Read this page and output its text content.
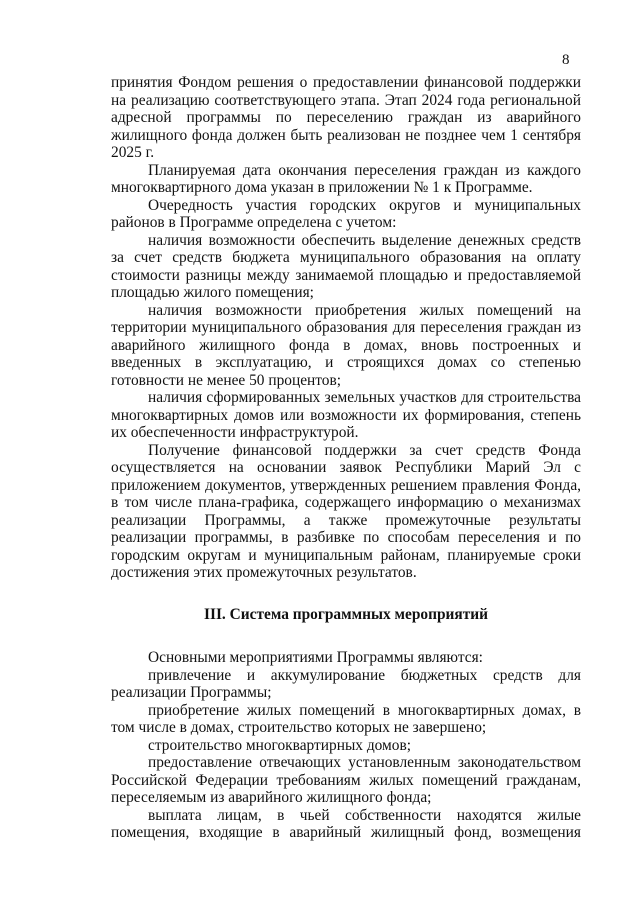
8

принятия Фондом решения о предоставлении финансовой поддержки на реализацию соответствующего этапа. Этап 2024 года региональной адресной программы по переселению граждан из аварийного жилищного фонда должен быть реализован не позднее чем 1 сентября 2025 г.

Планируемая дата окончания переселения граждан из каждого многоквартирного дома указан в приложении № 1 к Программе.

Очередность участия городских округов и муниципальных районов в Программе определена с учетом:

наличия возможности обеспечить выделение денежных средств за счет средств бюджета муниципального образования на оплату стоимости разницы между занимаемой площадью и предоставляемой площадью жилого помещения;

наличия возможности приобретения жилых помещений на территории муниципального образования для переселения граждан из аварийного жилищного фонда в домах, вновь построенных и введенных в эксплуатацию, и строящихся домах со степенью готовности не менее 50 процентов;

наличия сформированных земельных участков для строительства многоквартирных домов или возможности их формирования, степень их обеспеченности инфраструктурой.

Получение финансовой поддержки за счет средств Фонда осуществляется на основании заявок Республики Марий Эл с приложением документов, утвержденных решением правления Фонда, в том числе плана-графика, содержащего информацию о механизмах реализации Программы, а также промежуточные результаты реализации программы, в разбивке по способам переселения и по городским округам и муниципальным районам, планируемые сроки достижения этих промежуточных результатов.

III. Система программных мероприятий

Основными мероприятиями Программы являются:

привлечение и аккумулирование бюджетных средств для реализации Программы;

приобретение жилых помещений в многоквартирных домах, в том числе в домах, строительство которых не завершено;

строительство многоквартирных домов;

предоставление отвечающих установленным законодательством Российской Федерации требованиям жилых помещений гражданам, переселяемым из аварийного жилищного фонда;

выплата лицам, в чьей собственности находятся жилые помещения, входящие в аварийный жилищный фонд, возмещения
